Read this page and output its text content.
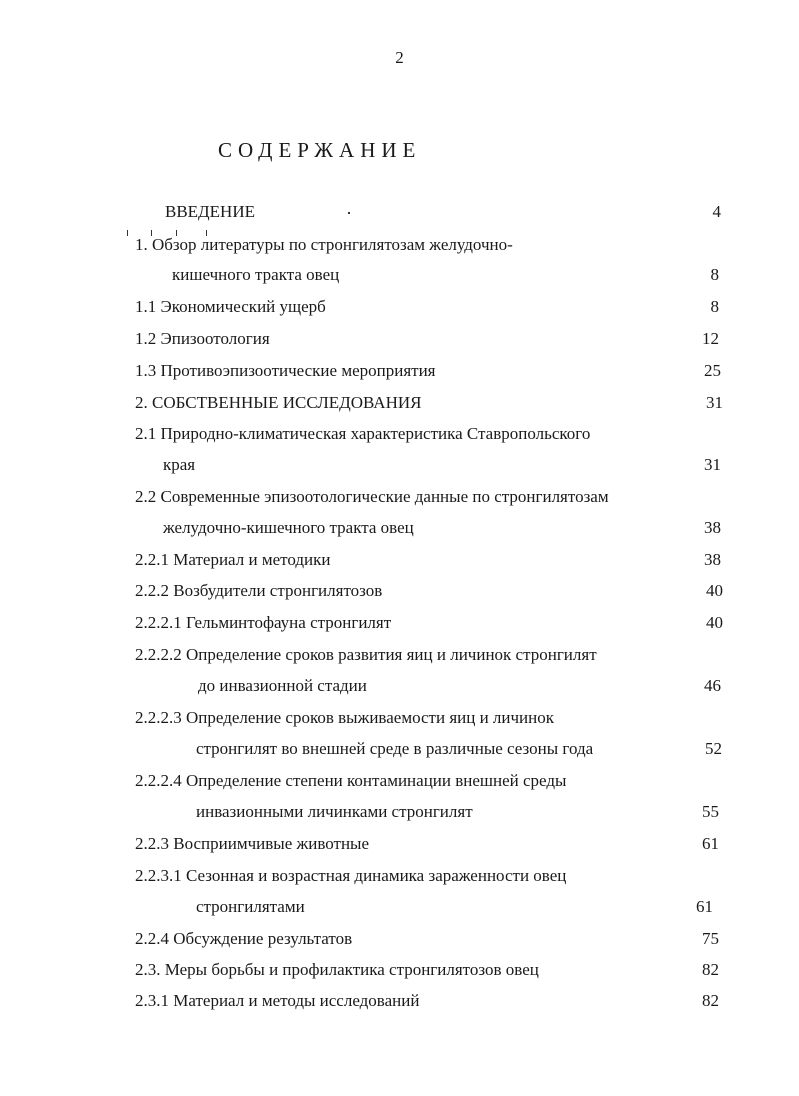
2
СОДЕРЖАНИЕ
ВВЕДЕНИЕ	4
1. Обзор литературы по стронгилятозам желудочно-
кишечного тракта овец	8
1.1 Экономический ущерб	8
1.2 Эпизоотология	12
1.3 Противоэпизоотические мероприятия	25
2. СОБСТВЕННЫЕ ИССЛЕДОВАНИЯ	31
2.1 Природно-климатическая характеристика Ставропольского
края	31
2.2 Современные эпизоотологические данные по стронгилятозам
желудочно-кишечного тракта овец	38
2.2.1 Материал и методики	38
2.2.2 Возбудители стронгилятозов	40
2.2.2.1 Гельминтофауна стронгилят	40
2.2.2.2 Определение сроков развития яиц и личинок стронгилят
до инвазионной стадии	46
2.2.2.3 Определение сроков выживаемости яиц и личинок
стронгилят во внешней среде в различные сезоны года	52
2.2.2.4 Определение степени контаминации внешней среды
инвазионными личинками стронгилят	55
2.2.3 Восприимчивые животные	61
2.2.3.1 Сезонная и возрастная динамика зараженности овец
стронгилятами	61
2.2.4 Обсуждение результатов	75
2.3. Меры борьбы и профилактика стронгилятозов овец	82
2.3.1 Материал и методы исследований	82
